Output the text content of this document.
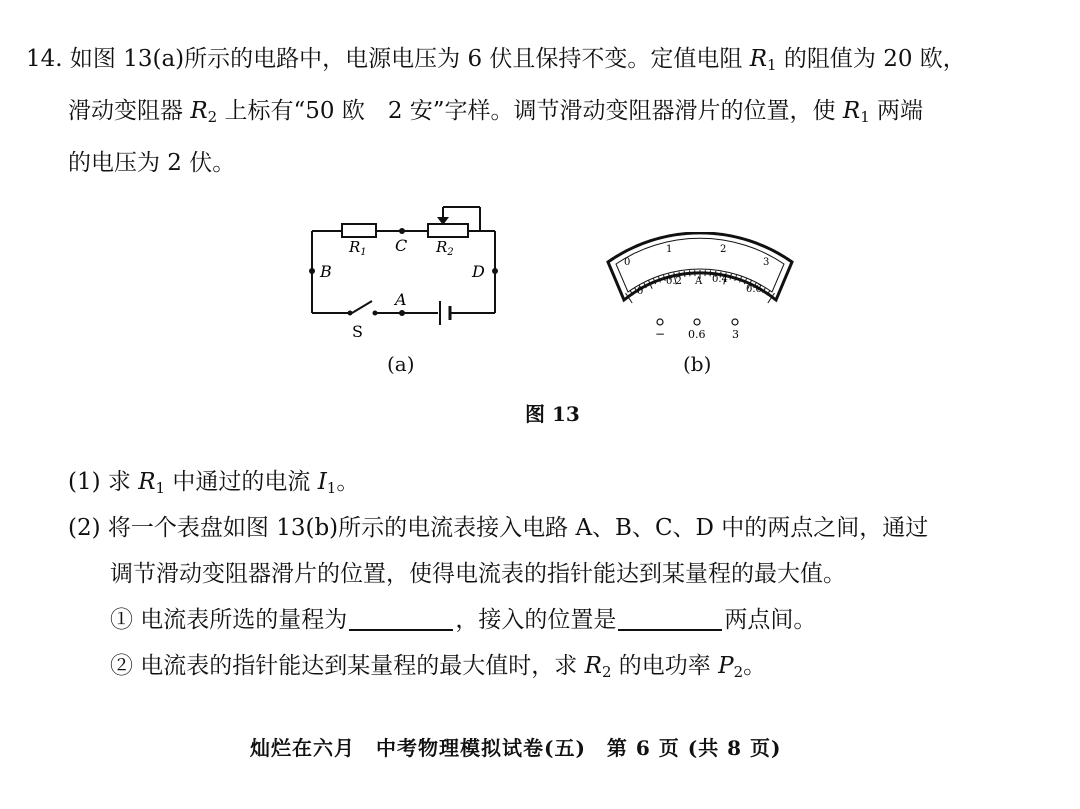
14. 如图 13(a)所示的电路中，电源电压为 6 伏且保持不变。定值电阻 $R_1$ 的阻值为 20 欧，
滑动变阻器 $R_2$ 上标有“50 欧　2 安”字样。调节滑动变阻器滑片的位置，使 $R_1$ 两端
的电压为 2 伏。
$R_1$ C $R_2$
B	D
A
S
0
1	2
3
0
0.2 A 0.4
0.6
− 0.6 3
(a)	(b)
图 13
(1) 求 $R_1$ 中通过的电流 $I_1$。
(2) 将一个表盘如图 13(b)所示的电流表接入电路 A、B、C、D 中的两点之间，通过
调节滑动变阻器滑片的位置，使得电流表的指针能达到某量程的最大值。
① 电流表所选的量程为	，接入的位置是	两点间。
② 电流表的指针能达到某量程的最大值时，求 $R_2$ 的电功率 $P_2$。
灿烂在六月　中考物理模拟试卷(五)　第 6 页 (共 8 页)
